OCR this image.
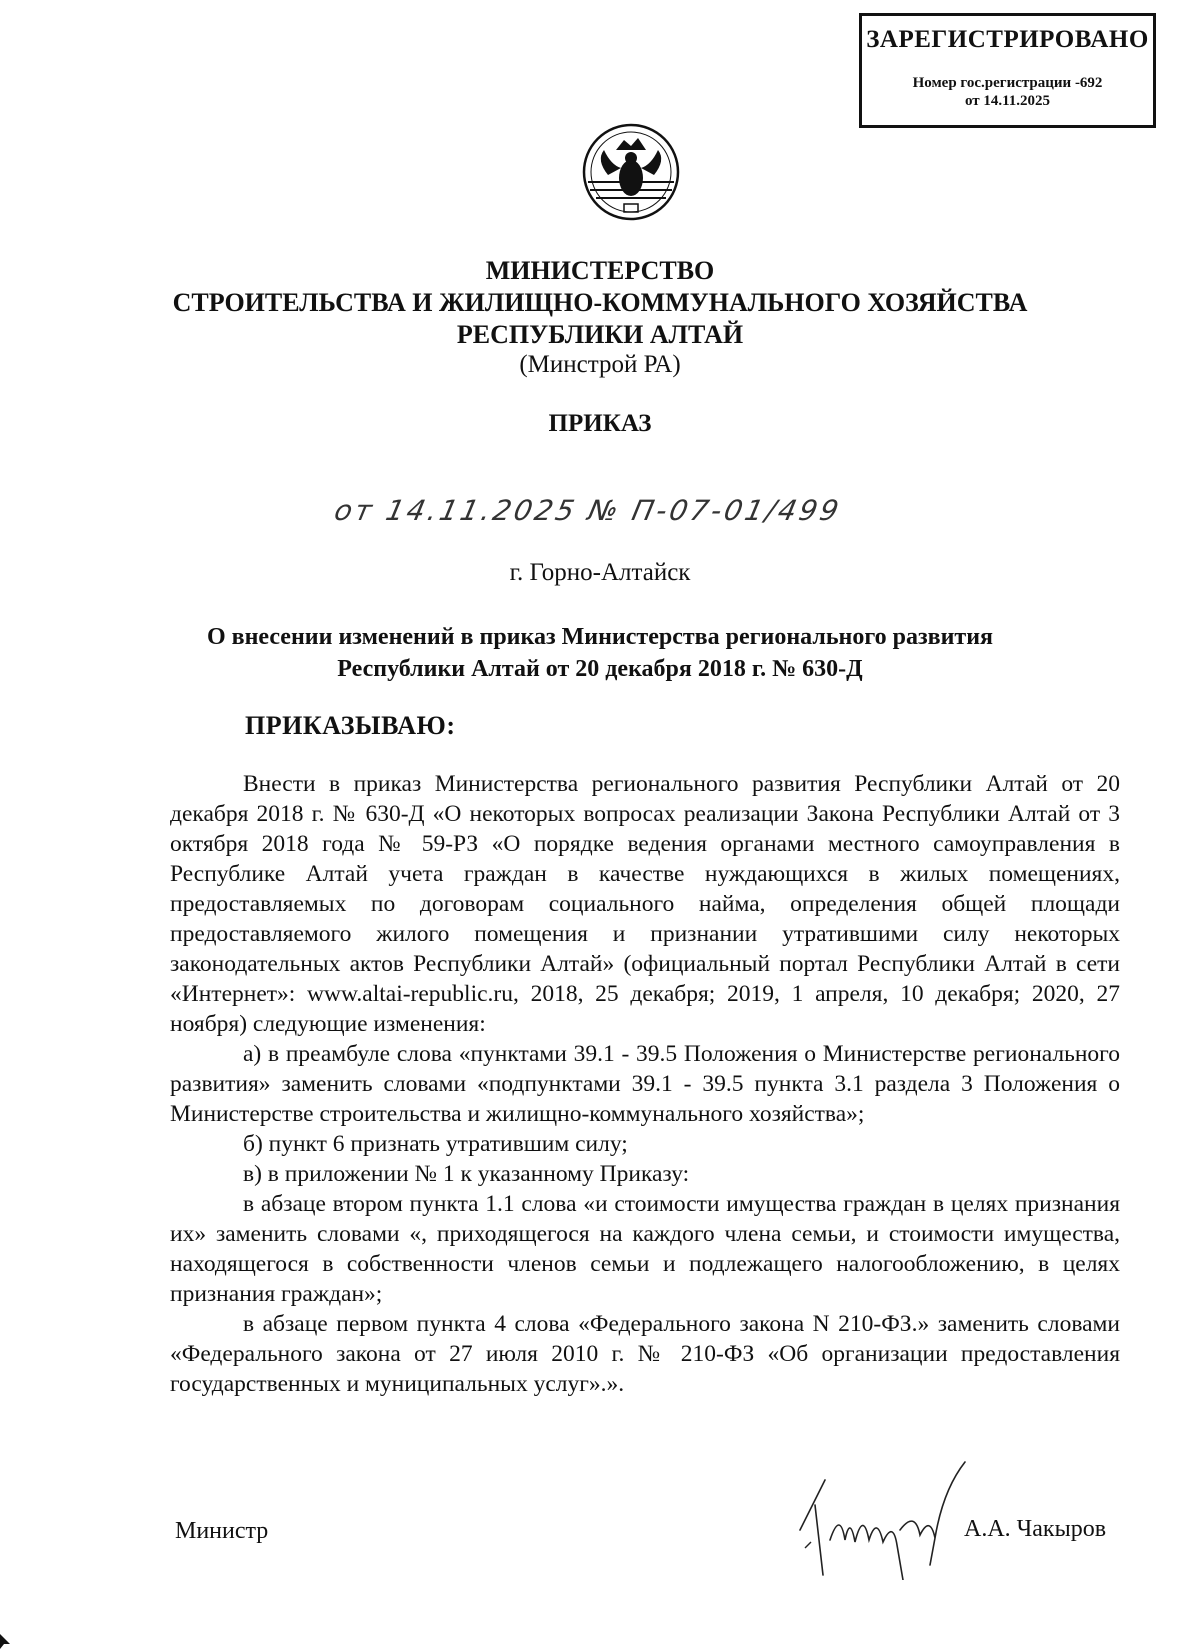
ЗАРЕГИСТРИРОВАНО
Номер гос.регистрации -692
от 14.11.2025
МИНИСТЕРСТВО
СТРОИТЕЛЬСТВА И ЖИЛИЩНО-КОММУНАЛЬНОГО ХОЗЯЙСТВА
РЕСПУБЛИКИ АЛТАЙ
(Минстрой РА)
ПРИКАЗ
от 14.11.2025 № П-07-01/499
г. Горно-Алтайск
О внесении изменений в приказ Министерства регионального развития
Республики Алтай от 20 декабря 2018 г. № 630-Д
ПРИКАЗЫВАЮ:

Внести в приказ Министерства регионального развития Республики Алтай от 20 декабря 2018 г. № 630-Д «О некоторых вопросах реализации Закона Республики Алтай от 3 октября 2018 года № 59-РЗ «О порядке ведения органами местного самоуправления в Республике Алтай учета граждан в качестве нуждающихся в жилых помещениях, предоставляемых по договорам социального найма, определения общей площади предоставляемого жилого помещения и признании утратившими силу некоторых законодательных актов Республики Алтай» (официальный портал Республики Алтай в сети «Интернет»: www.altai-republic.ru, 2018, 25 декабря; 2019, 1 апреля, 10 декабря; 2020, 27 ноября) следующие изменения:

а) в преамбуле слова «пунктами 39.1 - 39.5 Положения о Министерстве регионального развития» заменить словами «подпунктами 39.1 - 39.5 пункта 3.1 раздела 3 Положения о Министерстве строительства и жилищно-коммунального хозяйства»;

б) пункт 6 признать утратившим силу;

в) в приложении № 1 к указанному Приказу:

в абзаце втором пункта 1.1 слова «и стоимости имущества граждан в целях признания их» заменить словами «, приходящегося на каждого члена семьи, и стоимости имущества, находящегося в собственности членов семьи и подлежащего налогообложению, в целях признания граждан»;

в абзаце первом пункта 4 слова «Федерального закона N 210-ФЗ.» заменить словами «Федерального закона от 27 июля 2010 г. № 210-ФЗ «Об организации предоставления государственных и муниципальных услуг».».

Министр	А.А. Чакыров
